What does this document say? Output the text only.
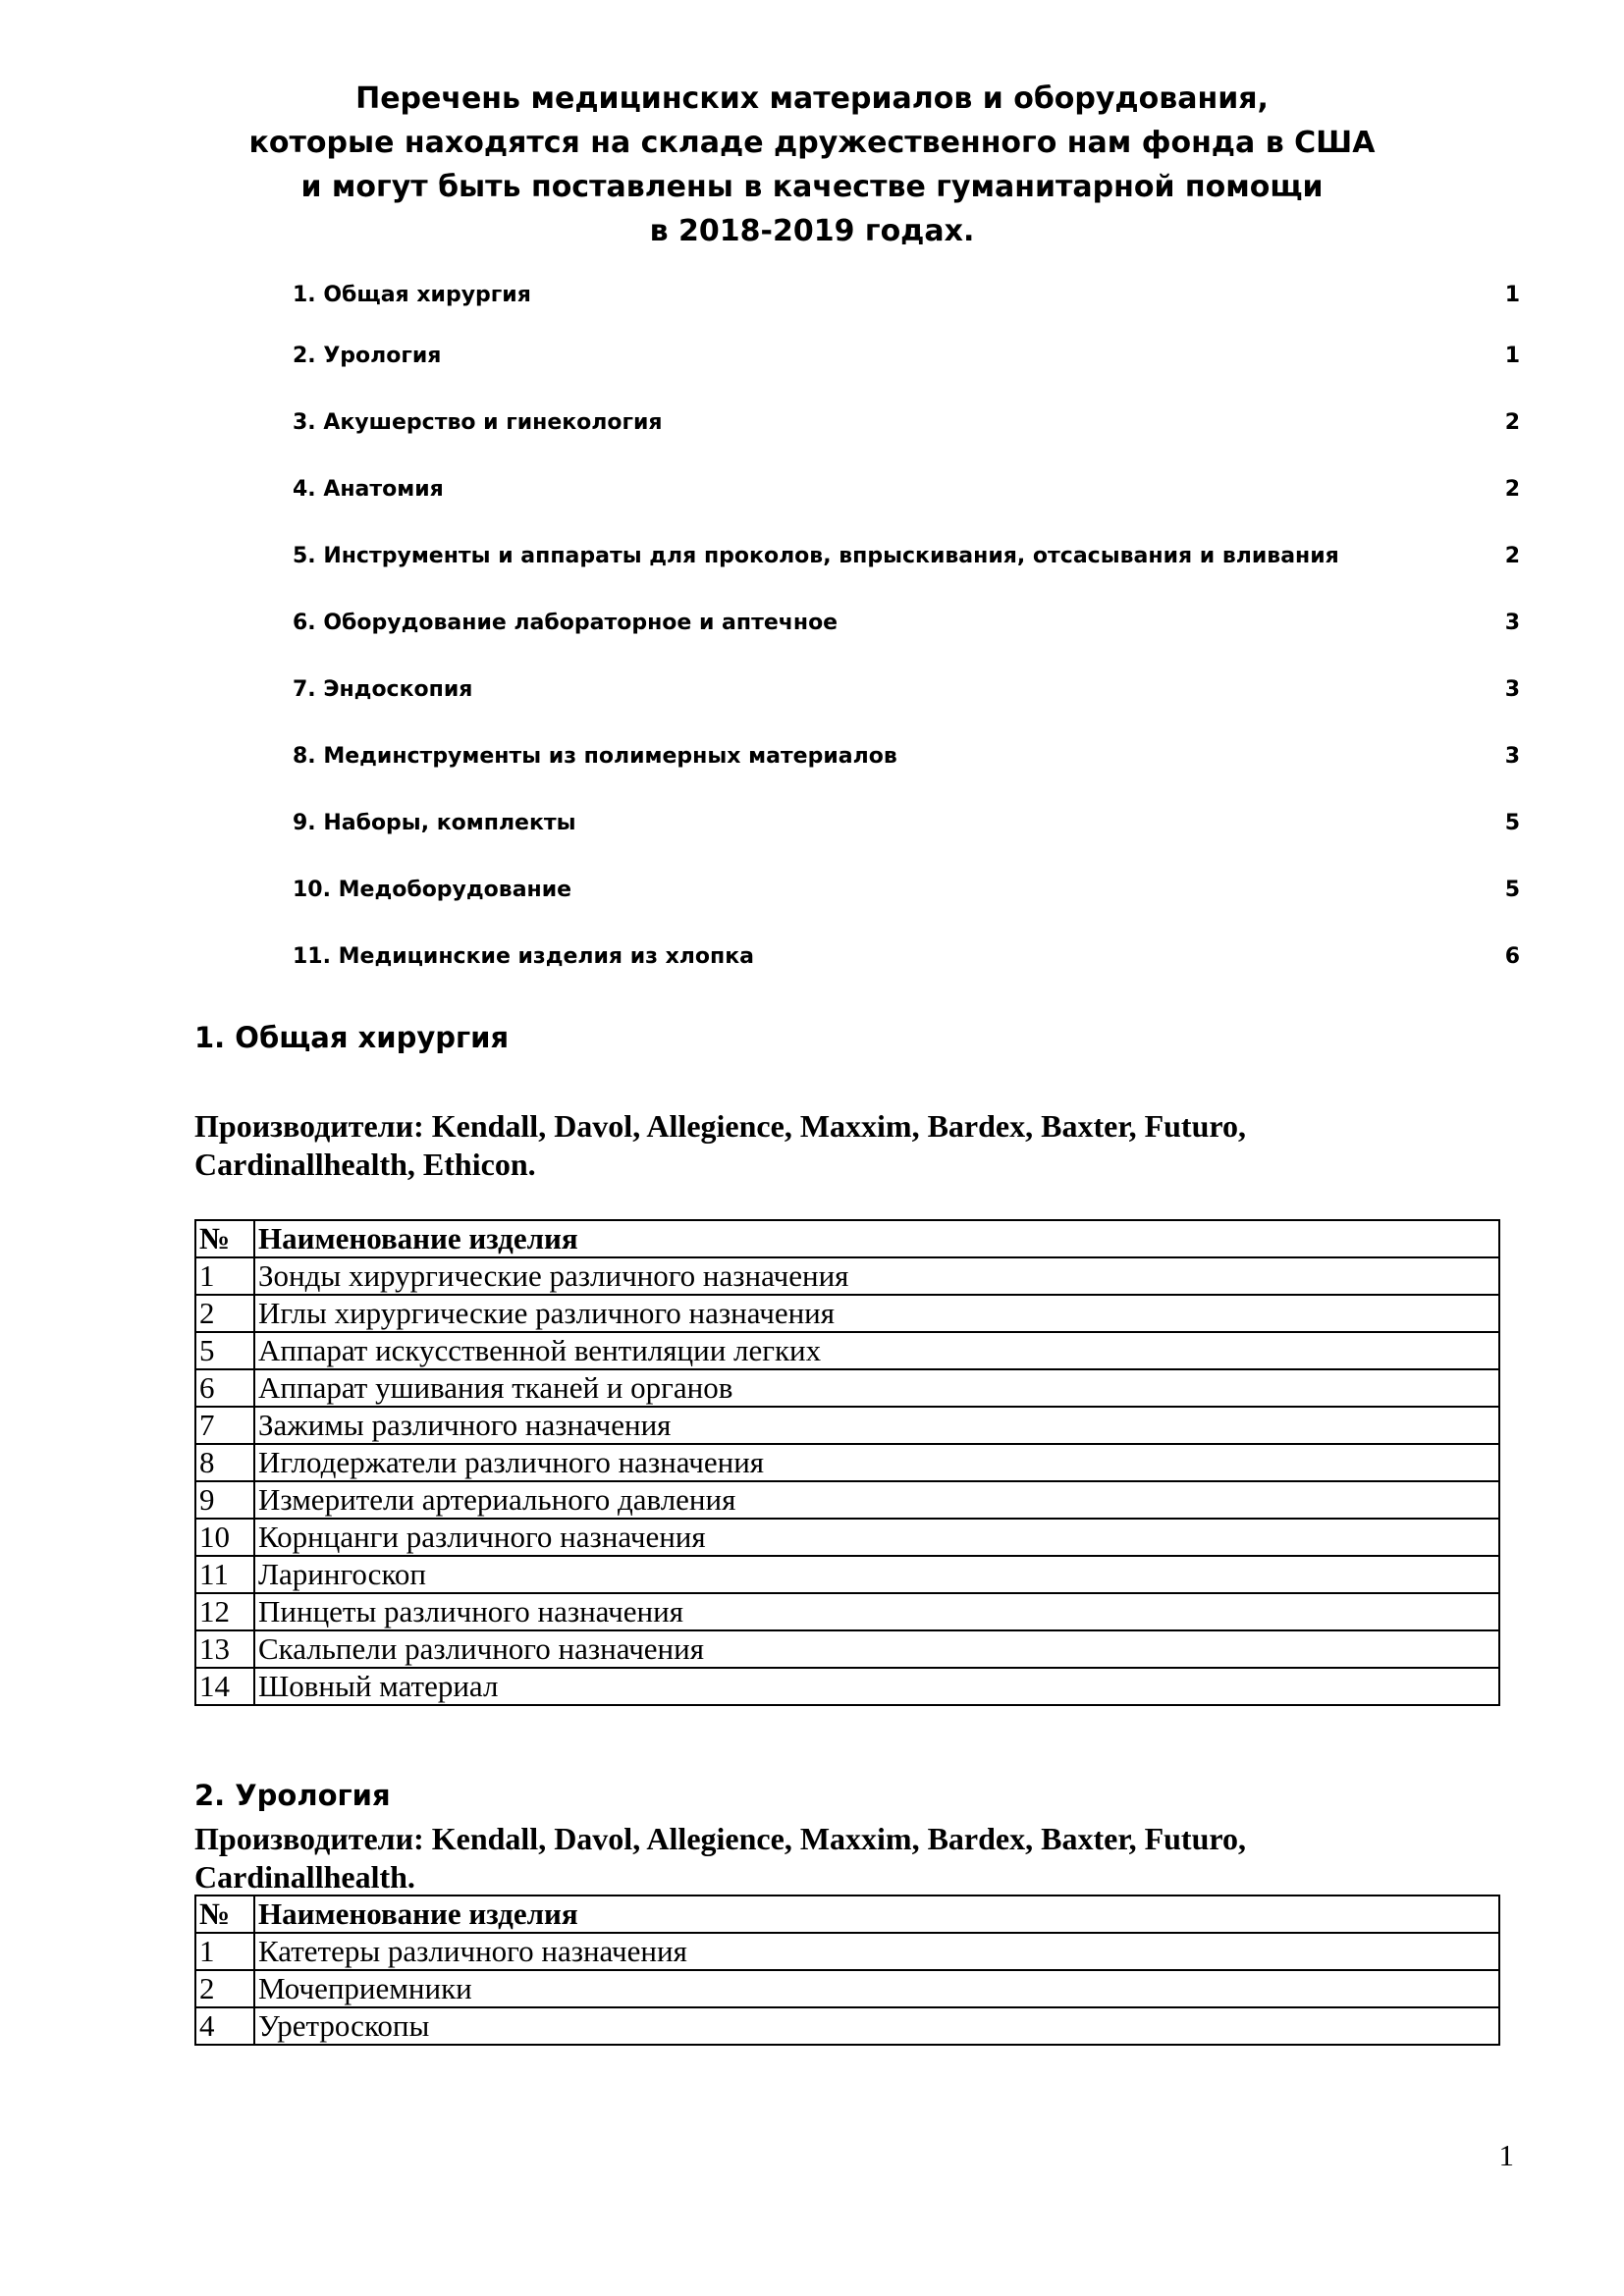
Перечень медицинских материалов и оборудования,
которые находятся на складе дружественного нам фонда в США
и могут быть поставлены в качестве гуманитарной помощи
в 2018-2019 годах.
1. Общая хирургия	1
2. Урология	1
3. Акушерство и гинекология	2
4. Анатомия	2
5. Инструменты и аппараты для проколов, впрыскивания, отсасывания и вливания	2
6. Оборудование лабораторное и аптечное	3
7. Эндоскопия	3
8. Мединструменты из полимерных материалов	3
9. Наборы, комплекты	5
10. Медоборудование	5
11. Медицинские изделия из хлопка	6
1. Общая хирургия
Производители: Kendall, Davol, Allegience, Maxxim, Bardex, Baxter, Futuro,
Cardinallhealth, Ethicon.
№	Наименование изделия
1	Зонды хирургические различного назначения
2	Иглы хирургические различного назначения
5	Аппарат искусственной вентиляции легких
6	Аппарат ушивания тканей и органов
7	Зажимы различного назначения
8	Иглодержатели различного назначения
9	Измерители артериального давления
10	Корнцанги различного назначения
11	Ларингоскоп
12	Пинцеты различного назначения
13	Скальпели различного назначения
14	Шовный материал
2. Урология
Производители: Kendall, Davol, Allegience, Maxxim, Bardex, Baxter, Futuro,
Cardinallhealth.
№	Наименование изделия
1	Катетеры различного назначения
2	Мочеприемники
4	Уретроскопы
1
